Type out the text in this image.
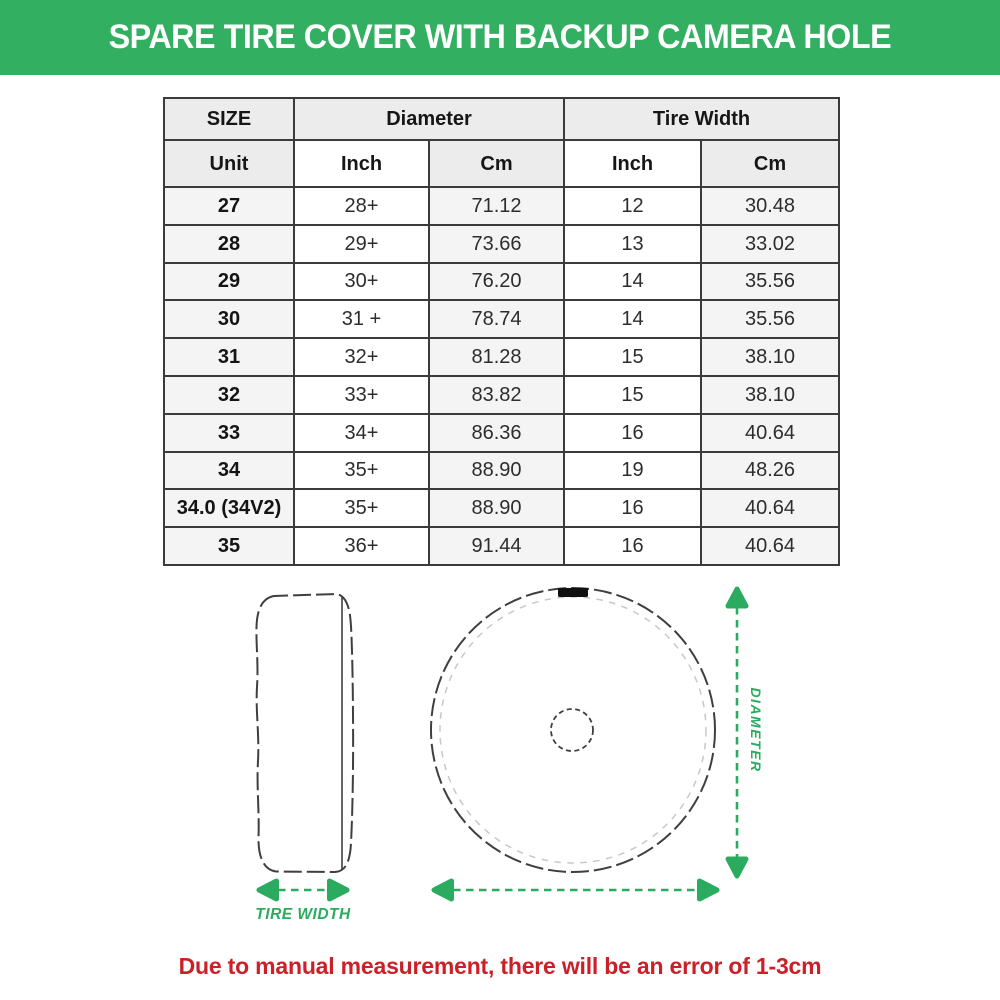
SPARE TIRE COVER WITH BACKUP CAMERA HOLE
SIZE	Diameter		Tire Width	
Unit	Inch	Cm	Inch	Cm
27	28+	71.12	12	30.48
28	29+	73.66	13	33.02
29	30+	76.20	14	35.56
30	31 +	78.74	14	35.56
31	32+	81.28	15	38.10
32	33+	83.82	15	38.10
33	34+	86.36	16	40.64
34	35+	88.90	19	48.26
34.0 (34V2)	35+	88.90	16	40.64
35	36+	91.44	16	40.64
DIAMETER
TIRE WIDTH

Due to manual measurement, there will be an error of 1-3cm
